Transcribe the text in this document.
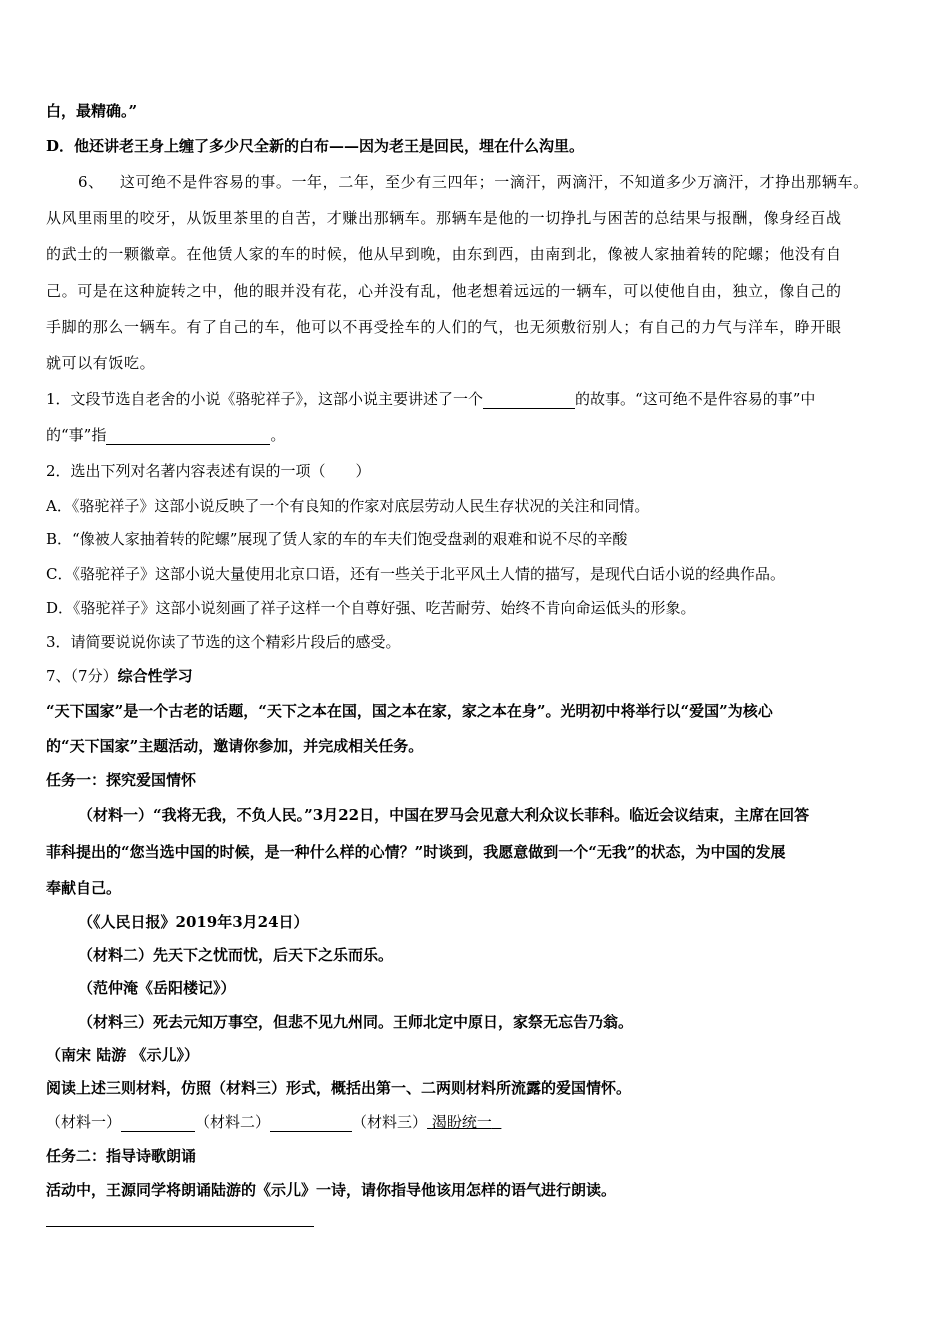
白，最精确。”
D．他还讲老王身上缠了多少尺全新的白布——因为老王是回民，埋在什么沟里。
6、 这可绝不是件容易的事。一年，二年，至少有三四年；一滴汗，两滴汗，不知道多少万滴汗，才挣出那辆车。
从风里雨里的咬牙，从饭里茶里的自苦，才赚出那辆车。那辆车是他的一切挣扎与困苦的总结果与报酬，像身经百战
的武士的一颗徽章。在他赁人家的车的时候，他从早到晚，由东到西，由南到北，像被人家抽着转的陀螺；他没有自
己。可是在这种旋转之中，他的眼并没有花，心并没有乱，他老想着远远的一辆车，可以使他自由，独立，像自己的
手脚的那么一辆车。有了自己的车，他可以不再受拴车的人们的气，也无须敷衍别人；有自己的力气与洋车，睁开眼
就可以有饭吃。
1．文段节选自老舍的小说《骆驼祥子》，这部小说主要讲述了一个	的故事。“这可绝不是件容易的事”中
的“事”指	。
2．选出下列对名著内容表述有误的一项（　　）
A．《骆驼祥子》这部小说反映了一个有良知的作家对底层劳动人民生存状况的关注和同情。
B．“像被人家抽着转的陀螺”展现了赁人家的车的车夫们饱受盘剥的艰难和说不尽的辛酸
C．《骆驼祥子》这部小说大量使用北京口语，还有一些关于北平风土人情的描写，是现代白话小说的经典作品。
D．《骆驼祥子》这部小说刻画了祥子这样一个自尊好强、吃苦耐劳、始终不肯向命运低头的形象。
3．请简要说说你读了节选的这个精彩片段后的感受。
7、（7分）综合性学习
“天下国家”是一个古老的话题，“天下之本在国，国之本在家，家之本在身”。光明初中将举行以“爱国”为核心
的“天下国家”主题活动，邀请你参加，并完成相关任务。
任务一：探究爱国情怀
（材料一）“我将无我，不负人民。”3月22日，中国在罗马会见意大利众议长菲科。临近会议结束，主席在回答
菲科提出的“您当选中国的时候，是一种什么样的心情？”时谈到，我愿意做到一个“无我”的状态，为中国的发展
奉献自己。
（《人民日报》2019年3月24日）
（材料二）先天下之忧而忧，后天下之乐而乐。
（范仲淹《岳阳楼记》）
（材料三）死去元知万事空，但悲不见九州同。王师北定中原日，家祭无忘告乃翁。
（南宋 陆游 《示儿》）
阅读上述三则材料，仿照（材料三）形式，概括出第一、二两则材料所流露的爱国情怀。
（材料一）	（材料二）	（材料三） 渴盼统一
任务二：指导诗歌朗诵
活动中，王源同学将朗诵陆游的《示儿》一诗，请你指导他该用怎样的语气进行朗读。
